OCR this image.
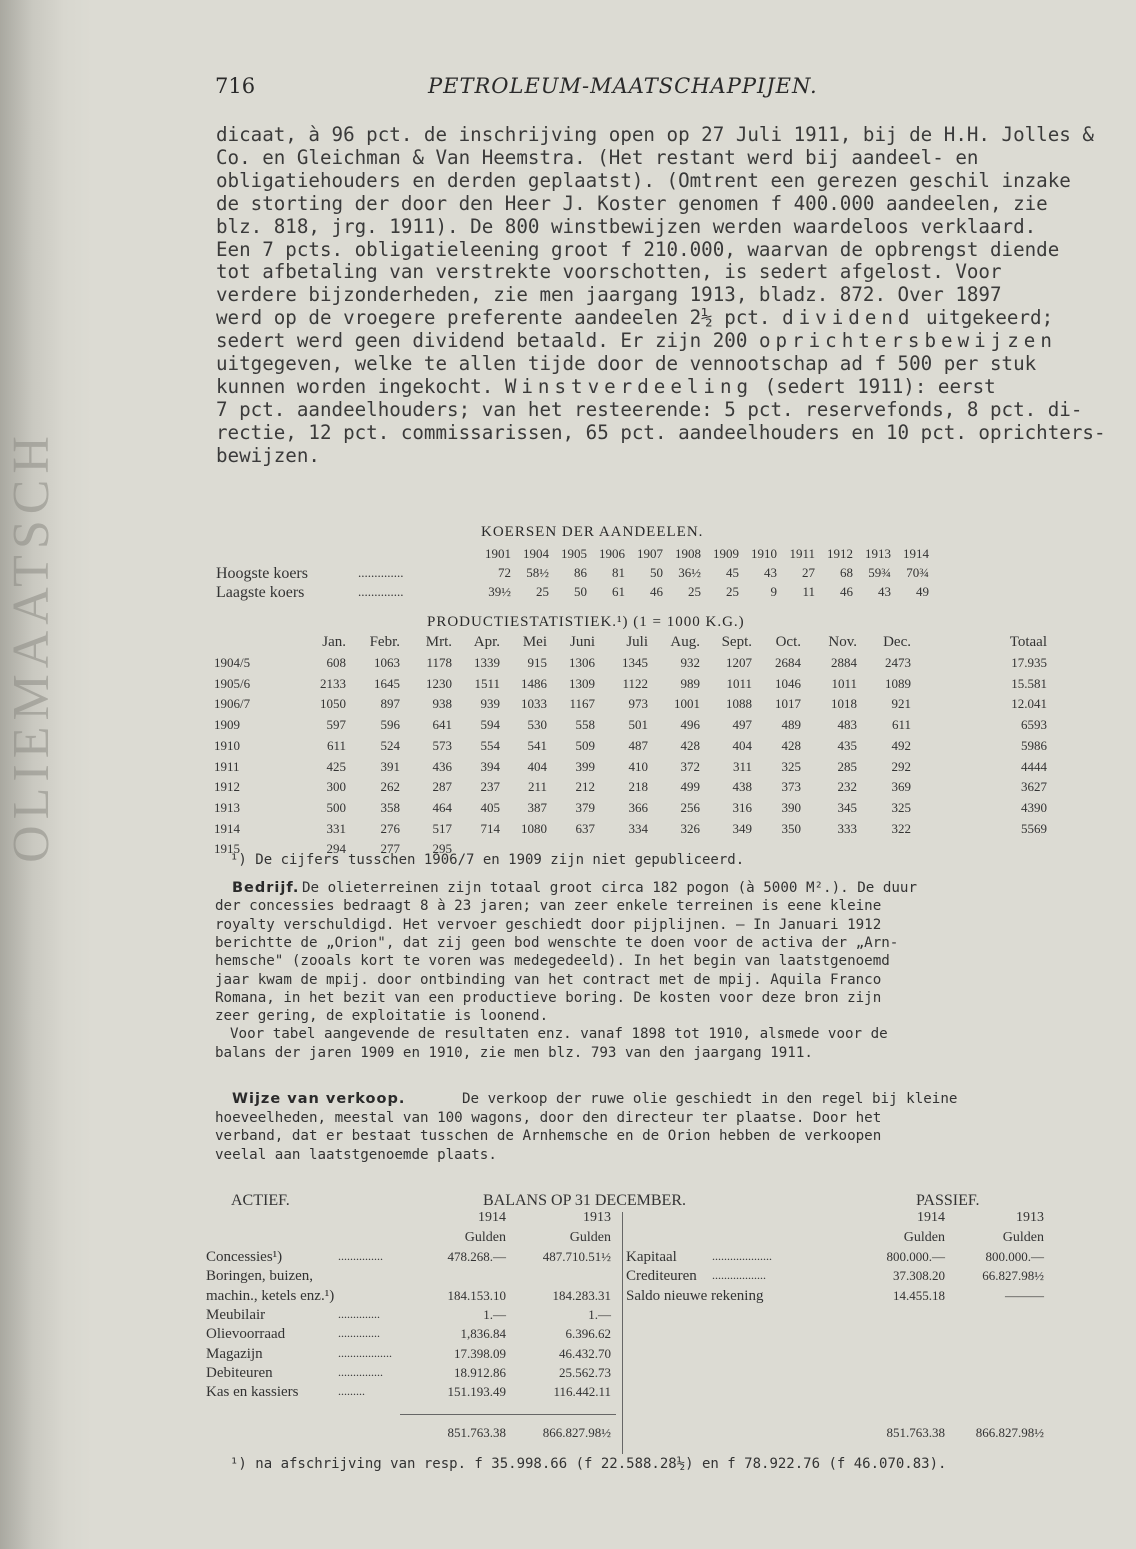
OLIEMAATSCH
716	PETROLEUM-MAATSCHAPPIJEN.
dicaat, à 96 pct. de inschrijving open op 27 Juli 1911, bij de H.H. Jolles &
Co. en Gleichman & Van Heemstra. (Het restant werd bij aandeel- en
obligatiehouders en derden geplaatst). (Omtrent een gerezen geschil inzake
de storting der door den Heer J. Koster genomen f 400.000 aandeelen, zie
blz. 818, jrg. 1911). De 800 winstbewijzen werden waardeloos verklaard.
Een 7 pcts. obligatieleening groot f 210.000, waarvan de opbrengst diende
tot afbetaling van verstrekte voorschotten, is sedert afgelost. Voor
verdere bijzonderheden, zie men jaargang 1913, bladz. 872. Over 1897
werd op de vroegere preferente aandeelen 2½ pct. dividend uitgekeerd;
sedert werd geen dividend betaald. Er zijn 200 oprichtersbewijzen
uitgegeven, welke te allen tijde door de vennootschap ad f 500 per stuk
kunnen worden ingekocht. Winstverdeeling (sedert 1911): eerst
7 pct. aandeelhouders; van het resteerende: 5 pct. reservefonds, 8 pct. di-
rectie, 12 pct. commissarissen, 65 pct. aandeelhouders en 10 pct. oprichters-
bewijzen.
KOERSEN DER AANDEELEN.
1901 1904 1905 1906 1907 1908 1909 1910 1911 1912 1913 1914
Hoogste koers	..............	72 58½ 86 81 50 36½ 45 43 27 68 59¾ 70¾
Laagste koers	..............	39½ 25 50 61 46 25 25 9 11 46 43 49
PRODUCTIESTATISTIEK.¹) (1 = 1000 K.G.)
Jan. Febr. Mrt. Apr. Mei Juni Juli Aug. Sept. Oct. Nov. Dec.	Totaal
1904/5	608 1063 1178 1339 915 1306 1345	932 1207 2684 2884 2473	17.935
1905/6	2133 1645 1230 1511 1486 1309 1122	989 1011 1046 1011 1089	15.581
1906/7	1050	897	938 939 1033 1167	973 1001 1088 1017 1018	921	12.041
1909	597	596	641 594 530 558	501	496	497 489	483	611	6593
1910	611	524	573 554 541 509	487	428	404 428	435	492	5986
1911	425	391	436 394 404 399	410	372	311 325	285	292	4444
1912	300	262	287 237 211 212	218	499	438 373	232	369	3627
1913	500	358	464 405 387 379	366	256	316 390	345	325	4390
1914	331	276	517 714 1080 637	334	326	349 350	333	322	5569
1915	294	277	295
¹) De cijfers tusschen 1906/7 en 1909 zijn niet gepubliceerd.
Bedrijf. De olieterreinen zijn totaal groot circa 182 pogon (à 5000 M².). De duur
der concessies bedraagt 8 à 23 jaren; van zeer enkele terreinen is eene kleine
royalty verschuldigd. Het vervoer geschiedt door pijplijnen. — In Januari 1912
berichtte de „Orion", dat zij geen bod wenschte te doen voor de activa der „Arn-
hemsche" (zooals kort te voren was medegedeeld). In het begin van laatstgenoemd
jaar kwam de mpij. door ontbinding van het contract met de mpij. Aquila Franco
Romana, in het bezit van een productieve boring. De kosten voor deze bron zijn
zeer gering, de exploitatie is loonend.
Voor tabel aangevende de resultaten enz. vanaf 1898 tot 1910, alsmede voor de
balans der jaren 1909 en 1910, zie men blz. 793 van den jaargang 1911.
Wijze van verkoop.	De verkoop der ruwe olie geschiedt in den regel bij kleine
hoeveelheden, meestal van 100 wagons, door den directeur ter plaatse. Door het
verband, dat er bestaat tusschen de Arnhemsche en de Orion hebben de verkoopen
veelal aan laatstgenoemde plaats.
ACTIEF.	BALANS OP 31 DECEMBER.	PASSIEF.
1914	1913
Gulden	Gulden
1914	1913
Gulden	Gulden
Concessies¹)	...............	478.268.—	487.710.51½
Boringen, buizen,
machin., ketels enz.¹)	184.153.10	184.283.31
Meubilair	..............	1.—	1.—
Olievoorraad	..............	1,836.84	6.396.62
Magazijn	..................	17.398.09	46.432.70
Debiteuren	...............	18.912.86	25.562.73
Kas en kassiers	.........	151.193.49	116.442.11
851.763.38	866.827.98½
Kapitaal	....................	800.000.—	800.000.—
Crediteuren ..................	37.308.20	66.827.98½
Saldo nieuwe rekening	14.455.18	———
851.763.38 866.827.98½
¹) na afschrijving van resp. f 35.998.66 (f 22.588.28½) en f 78.922.76 (f 46.070.83).
